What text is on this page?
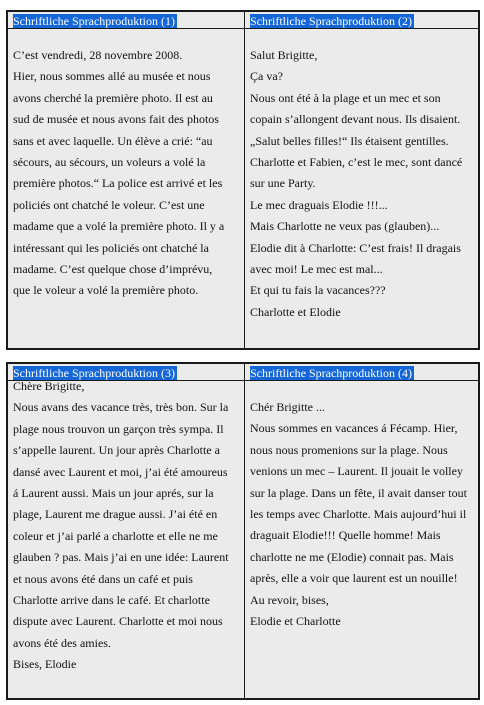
Schriftliche Sprachproduktion (1)
C’est vendredi, 28 novembre 2008.
Hier, nous sommes allé au musée et nous
avons cherché la première photo. Il est au
sud de musée et nous avons fait des photos
sans et avec laquelle. Un élève a crié: “au
sécours, au sécours, un voleurs a volé la
première photos.“ La police est arrivé et les
policiés ont chatché le voleur. C’est une
madame que a volé la première photo. Il y a
intéressant qui les policiés ont chatché la
madame. C’est quelque chose d’imprévu,
que le voleur a volé la première photo.
Schriftliche Sprachproduktion (2)
Salut Brigitte,
Ça va?
Nous ont été à la plage et un mec et son
copain s’allongent devant nous. Ils disaient.
„Salut belles filles!“ Ils étaisent gentilles.
Charlotte et Fabien, c’est le mec, sont dancé
sur une Party.
Le mec draguais Elodie !!!...
Mais Charlotte ne veux pas (glauben)...
Elodie dit à Charlotte: C’est frais! Il dragais
avec moi! Le mec est mal...
Et qui tu fais la vacances???
Charlotte et Elodie
Schriftliche Sprachproduktion (3)
Chère Brigitte,
Nous avans des vacance très, très bon. Sur la
plage nous trouvon un garçon très sympa. Il
s’appelle laurent. Un jour après Charlotte a
dansé avec Laurent et moi, j’ai été amoureus
á Laurent aussi. Mais un jour aprés, sur la
plage, Laurent me drague aussi. J’ai été en
coleur et j’ai parlé a charlotte et elle ne me
glauben ? pas. Mais j’ai en une idée: Laurent
et nous avons été dans un café et puis
Charlotte arrive dans le café. Et charlotte
dispute avec Laurent. Charlotte et moi nous
avons été des amies.
Bises, Elodie
Schriftliche Sprachproduktion (4)
Chér Brigitte ...
Nous sommes en vacances á Fécamp. Hier,
nous nous promenions sur la plage. Nous
venions un mec – Laurent. Il jouait le volley
sur la plage. Dans un fête, il avait danser tout
les temps avec Charlotte. Mais aujourd’hui il
draguait Elodie!!! Quelle homme! Mais
charlotte ne me (Elodie) connait pas. Mais
après, elle a voir que laurent est un nouille!
Au revoir, bises,
Elodie et Charlotte
